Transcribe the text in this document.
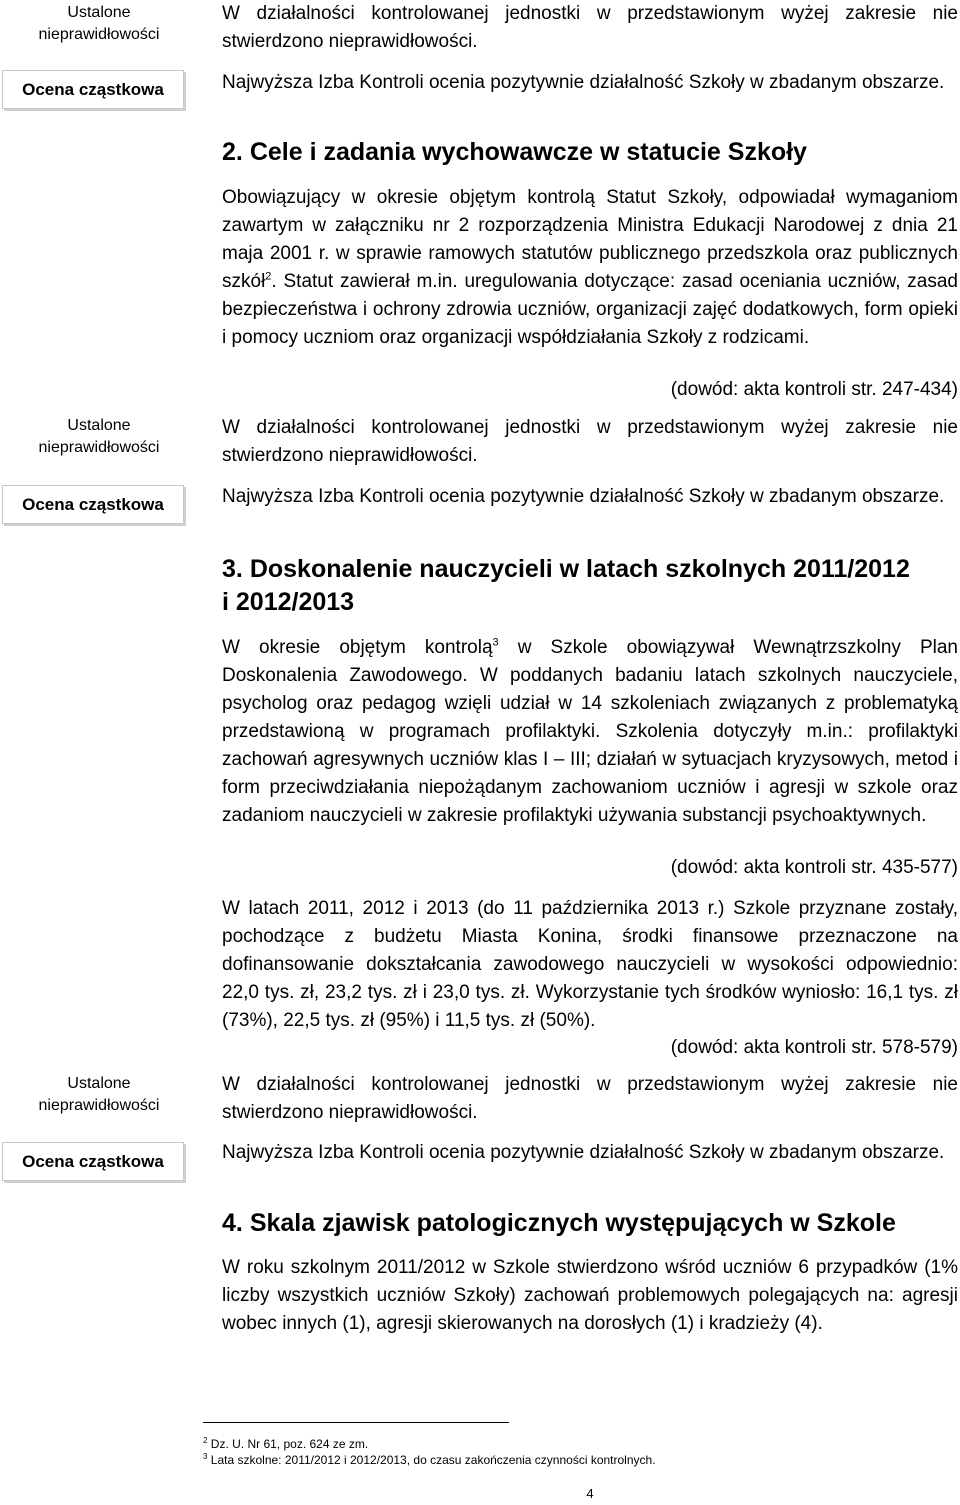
Ustalone
nieprawidłowości
Ocena cząstkowa
Ustalone
nieprawidłowości
Ocena cząstkowa
Ustalone
nieprawidłowości
Ocena cząstkowa
W działalności kontrolowanej jednostki w przedstawionym wyżej zakresie nie stwierdzono nieprawidłowości.
Najwyższa Izba Kontroli ocenia pozytywnie działalność Szkoły w zbadanym obszarze.
2. Cele i zadania wychowawcze w statucie Szkoły
Obowiązujący w okresie objętym kontrolą Statut Szkoły, odpowiadał wymaganiom zawartym w załączniku nr 2 rozporządzenia Ministra Edukacji Narodowej z dnia 21 maja 2001 r. w sprawie ramowych statutów publicznego przedszkola oraz publicznych szkół$^2$. Statut zawierał m.in. uregulowania dotyczące: zasad oceniania uczniów, zasad bezpieczeństwa i ochrony zdrowia uczniów, organizacji zajęć dodatkowych, form opieki i pomocy uczniom oraz organizacji współdziałania Szkoły z rodzicami.
(dowód: akta kontroli str. 247-434)
W działalności kontrolowanej jednostki w przedstawionym wyżej zakresie nie stwierdzono nieprawidłowości.
Najwyższa Izba Kontroli ocenia pozytywnie działalność Szkoły w zbadanym obszarze.
3. Doskonalenie nauczycieli w latach szkolnych 2011/2012
i 2012/2013
W okresie objętym kontrolą$^3$ w Szkole obowiązywał Wewnątrzszkolny Plan Doskonalenia Zawodowego. W poddanych badaniu latach szkolnych nauczyciele, psycholog oraz pedagog wzięli udział w 14 szkoleniach związanych z problematyką przedstawioną w programach profilaktyki. Szkolenia dotyczyły m.in.: profilaktyki zachowań agresywnych uczniów klas I – III; działań w sytuacjach kryzysowych, metod i form przeciwdziałania niepożądanym zachowaniom uczniów i agresji w szkole oraz zadaniom nauczycieli w zakresie profilaktyki używania substancji psychoaktywnych.
(dowód: akta kontroli str. 435-577)
W latach 2011, 2012 i 2013 (do 11 października 2013 r.) Szkole przyznane zostały, pochodzące z budżetu Miasta Konina, środki finansowe przeznaczone na dofinansowanie dokształcania zawodowego nauczycieli w wysokości odpowiednio: 22,0 tys. zł, 23,2 tys. zł i 23,0 tys. zł. Wykorzystanie tych środków wyniosło: 16,1 tys. zł (73%), 22,5 tys. zł (95%) i 11,5 tys. zł (50%).
(dowód: akta kontroli str. 578-579)
W działalności kontrolowanej jednostki w przedstawionym wyżej zakresie nie stwierdzono nieprawidłowości.
Najwyższa Izba Kontroli ocenia pozytywnie działalność Szkoły w zbadanym obszarze.
4. Skala zjawisk patologicznych występujących w Szkole
W roku szkolnym 2011/2012 w Szkole stwierdzono wśród uczniów 6 przypadków (1% liczby wszystkich uczniów Szkoły) zachowań problemowych polegających na: agresji wobec innych (1), agresji skierowanych na dorosłych (1) i kradzieży (4).
$^2$ Dz. U. Nr 61, poz. 624 ze zm.
$^3$ Lata szkolne: 2011/2012 i 2012/2013, do czasu zakończenia czynności kontrolnych.
4
